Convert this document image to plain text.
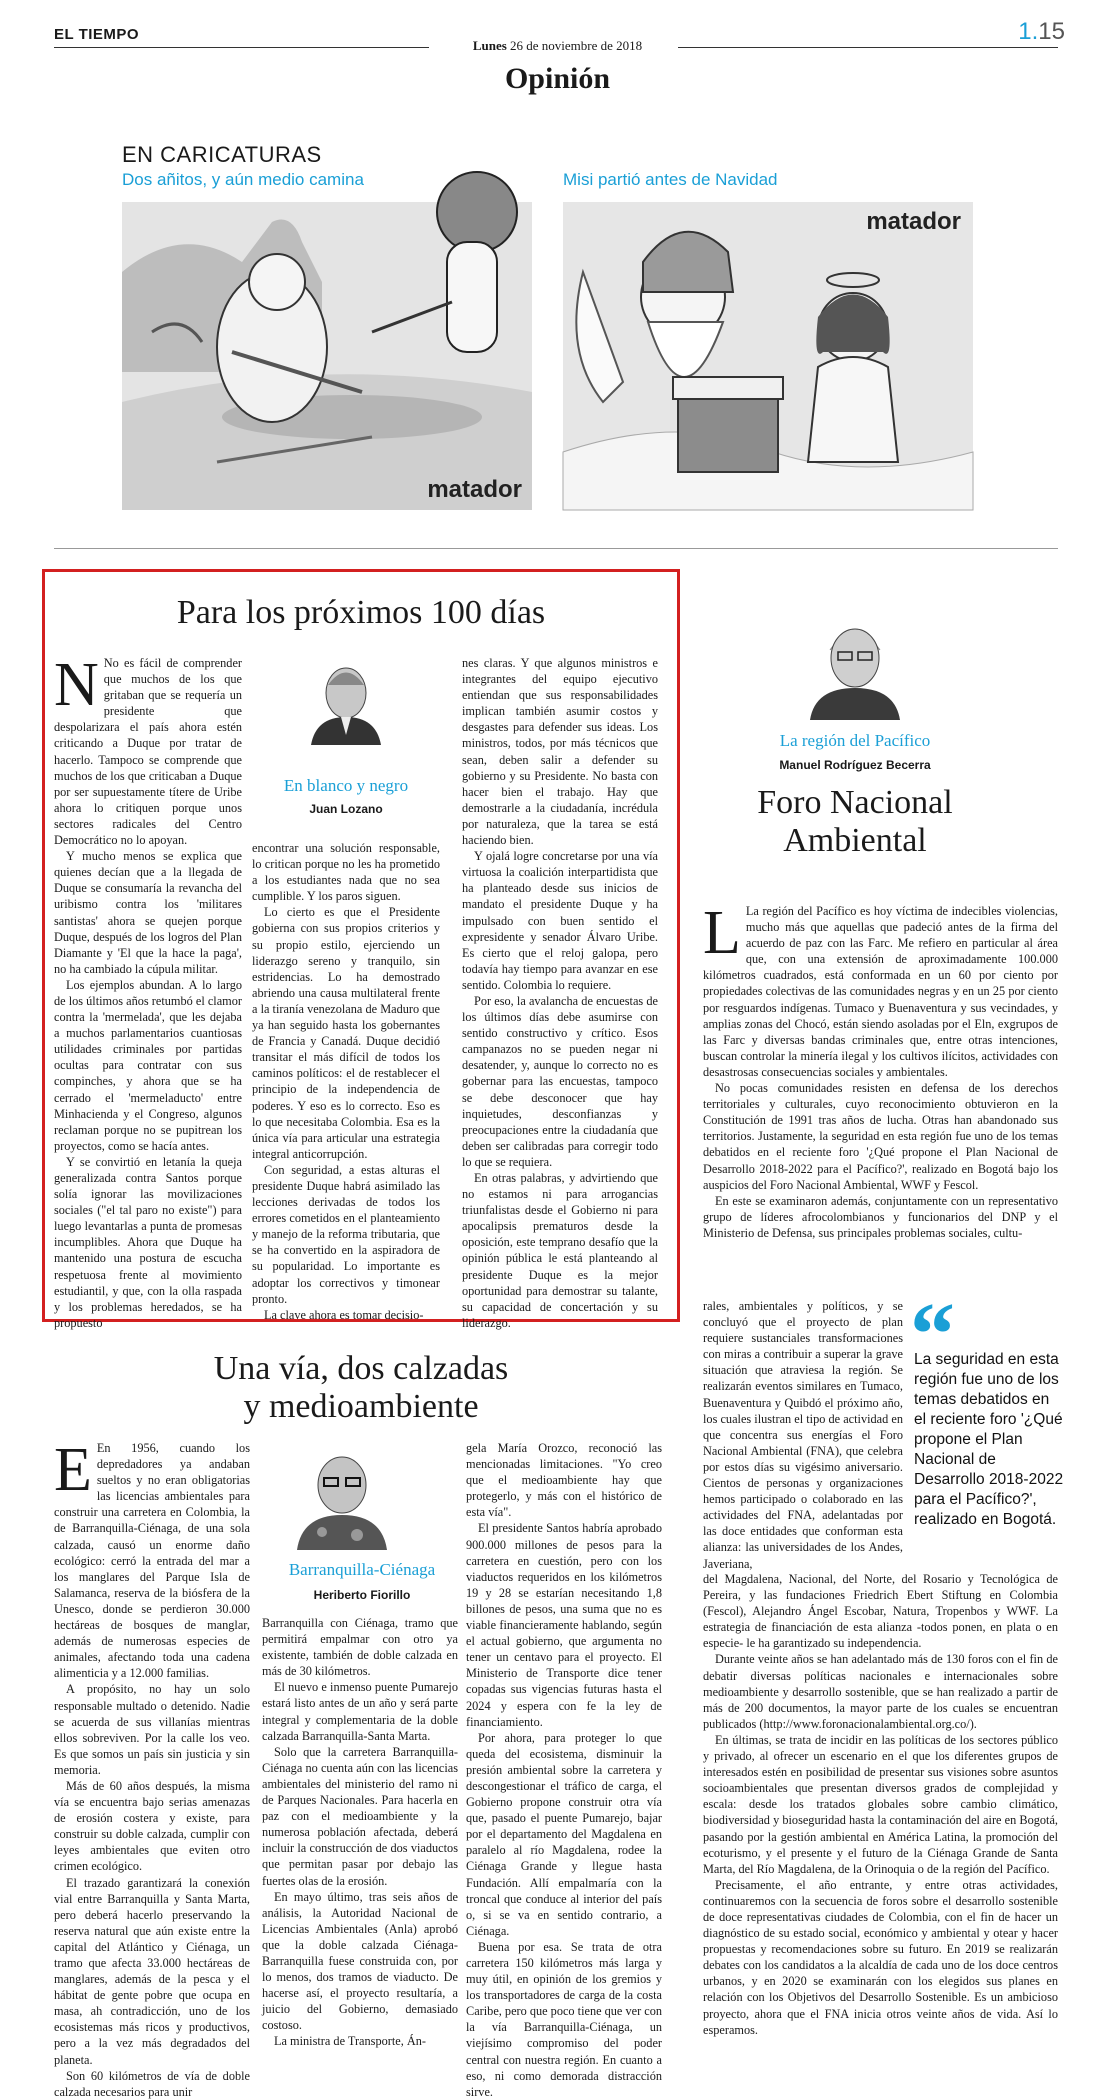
EL TIEMPO
Lunes 26 de noviembre de 2018
1.15
Opinión
EN CARICATURAS
Dos añitos, y aún medio camina	Misi partió antes de Navidad
matador
matador
Para los próximos 100 días

N No es fácil de comprender que muchos de los que gritaban que se requería un presidente que despolarizara el país ahora estén criticando a Duque por tratar de hacerlo. Tampoco se comprende que muchos de los que criticaban a Duque por ser supuestamente títere de Uribe ahora lo critiquen porque unos sectores radicales del Centro Democrático no lo apoyan.

Y mucho menos se explica que quienes decían que a la llegada de Duque se consumaría la revancha del uribismo contra los 'militares santistas' ahora se quejen porque Duque, después de los logros del Plan Diamante y 'El que la hace la paga', no ha cambiado la cúpula militar.

Los ejemplos abundan. A lo largo de los últimos años retumbó el clamor contra la 'mermelada', que les dejaba a muchos parlamentarios cuantiosas utilidades criminales por partidas ocultas para contratar con sus compinches, y ahora que se ha cerrado el 'mermeladucto' entre Minhacienda y el Congreso, algunos reclaman porque no se pupitrean los proyectos, como se hacía antes.

Y se convirtió en letanía la queja generalizada contra Santos porque solía ignorar las movilizaciones sociales ("el tal paro no existe") para luego levantarlas a punta de promesas incumplibles. Ahora que Duque ha mantenido una postura de escucha respetuosa frente al movimiento estudiantil, y que, con la olla raspada y los problemas heredados, se ha propuesto

En blanco y negro
Juan Lozano

encontrar una solución responsable, lo critican porque no les ha prometido a los estudiantes nada que no sea cumplible. Y los paros siguen.

Lo cierto es que el Presidente gobierna con sus propios criterios y su propio estilo, ejerciendo un liderazgo sereno y tranquilo, sin estridencias. Lo ha demostrado abriendo una causa multilateral frente a la tiranía venezolana de Maduro que ya han seguido hasta los gobernantes de Francia y Canadá. Duque decidió transitar el más difícil de todos los caminos políticos: el de restablecer el principio de la independencia de poderes. Y eso es lo correcto. Eso es lo que necesitaba Colombia. Esa es la única vía para articular una estrategia integral anticorrupción.

Con seguridad, a estas alturas el presidente Duque habrá asimilado las lecciones derivadas de todos los errores cometidos en el planteamiento y manejo de la reforma tributaria, que se ha convertido en la aspiradora de su popularidad. Lo importante es adoptar los correctivos y timonear pronto.

La clave ahora es tomar decisio-

nes claras. Y que algunos ministros e integrantes del equipo ejecutivo entiendan que sus responsabilidades implican también asumir costos y desgastes para defender sus ideas. Los ministros, todos, por más técnicos que sean, deben salir a defender su gobierno y su Presidente. No basta con hacer bien el trabajo. Hay que demostrarle a la ciudadanía, incrédula por naturaleza, que la tarea se está haciendo bien.

Y ojalá logre concretarse por una vía virtuosa la coalición interpartidista que ha planteado desde sus inicios de mandato el presidente Duque y ha impulsado con buen sentido el expresidente y senador Álvaro Uribe. Es cierto que el reloj galopa, pero todavía hay tiempo para avanzar en ese sentido. Colombia lo requiere.

Por eso, la avalancha de encuestas de los últimos días debe asumirse con sentido constructivo y crítico. Esos campanazos no se pueden negar ni desatender, y, aunque lo correcto no es gobernar para las encuestas, tampoco se debe desconocer que hay inquietudes, desconfianzas y preocupaciones entre la ciudadanía que deben ser calibradas para corregir todo lo que se requiera.

En otras palabras, y advirtiendo que no estamos ni para arrogancias triunfalistas desde el Gobierno ni para apocalipsis prematuros desde la oposición, este temprano desafío que la opinión pública le está planteando al presidente Duque es la mejor oportunidad para demostrar su talante, su capacidad de concertación y su liderazgo.

Una vía, dos calzadas
y medioambiente

E En 1956, cuando los depredadores ya andaban sueltos y no eran obligatorias las licencias ambientales para construir una carretera en Colombia, la de Barranquilla-Ciénaga, de una sola calzada, causó un enorme daño ecológico: cerró la entrada del mar a los manglares del Parque Isla de Salamanca, reserva de la biósfera de la Unesco, donde se perdieron 30.000 hectáreas de bosques de manglar, además de numerosas especies de animales, afectando toda una cadena alimenticia y a 12.000 familias.

A propósito, no hay un solo responsable multado o detenido. Nadie se acuerda de sus villanías mientras ellos sobreviven. Por la calle los veo. Es que somos un país sin justicia y sin memoria.

Más de 60 años después, la misma vía se encuentra bajo serias amenazas de erosión costera y existe, para construir su doble calzada, cumplir con leyes ambientales que eviten otro crimen ecológico.

El trazado garantizará la conexión vial entre Barranquilla y Santa Marta, pero deberá hacerlo preservando la reserva natural que aún existe entre la capital del Atlántico y Ciénaga, un tramo que afecta 33.000 hectáreas de manglares, además de la pesca y el hábitat de gente pobre que ocupa en masa, ah contradicción, uno de los ecosistemas más ricos y productivos, pero a la vez más degradados del planeta.

Son 60 kilómetros de vía de doble calzada necesarios para unir

Barranquilla-Ciénaga
Heriberto Fiorillo

Barranquilla con Ciénaga, tramo que permitirá empalmar con otro ya existente, también de doble calzada en más de 30 kilómetros.

El nuevo e inmenso puente Pumarejo estará listo antes de un año y será parte integral y complementaria de la doble calzada Barranquilla-Santa Marta.

Solo que la carretera Barranquilla-Ciénaga no cuenta aún con las licencias ambientales del ministerio del ramo ni de Parques Nacionales. Para hacerla en paz con el medioambiente y la numerosa población afectada, deberá incluir la construcción de dos viaductos que permitan pasar por debajo las fuertes olas de la erosión.

En mayo último, tras seis años de análisis, la Autoridad Nacional de Licencias Ambientales (Anla) aprobó que la doble calzada Ciénaga-Barranquilla fuese construida con, por lo menos, dos tramos de viaducto. De hacerse así, el proyecto resultaría, a juicio del Gobierno, demasiado costoso.

La ministra de Transporte, Án-

gela María Orozco, reconoció las mencionadas limitaciones. "Yo creo que el medioambiente hay que protegerlo, y más con el histórico de esta vía".

El presidente Santos habría aprobado 900.000 millones de pesos para la carretera en cuestión, pero con los viaductos requeridos en los kilómetros 19 y 28 se estarían necesitando 1,8 billones de pesos, una suma que no es viable financieramente hablando, según el actual gobierno, que argumenta no tener un centavo para el proyecto. El Ministerio de Transporte dice tener copadas sus vigencias futuras hasta el 2024 y espera con fe la ley de financiamiento.

Por ahora, para proteger lo que queda del ecosistema, disminuir la presión ambiental sobre la carretera y descongestionar el tráfico de carga, el Gobierno propone construir otra vía que, pasado el puente Pumarejo, bajar por el departamento del Magdalena en paralelo al río Magdalena, rodee la Ciénaga Grande y llegue hasta Fundación. Allí empalmaría con la troncal que conduce al interior del país o, si se va en sentido contrario, a Ciénaga.

Buena por esa. Se trata de otra carretera 150 kilómetros más larga y muy útil, en opinión de los gremios y los transportadores de carga de la costa Caribe, pero que poco tiene que ver con la vía Barranquilla-Ciénaga, un viejísimo compromiso del poder central con nuestra región. En cuanto a eso, ni como demorada distracción sirve.

La región del Pacífico
Manuel Rodríguez Becerra
Foro Nacional
Ambiental

L La región del Pacífico es hoy víctima de indecibles violencias, mucho más que aquellas que padeció antes de la firma del acuerdo de paz con las Farc. Me refiero en particular al área que, con una extensión de aproximadamente 100.000 kilómetros cuadrados, está conformada en un 60 por ciento por propiedades colectivas de las comunidades negras y en un 25 por ciento por resguardos indígenas. Tumaco y Buenaventura y sus vecindades, y amplias zonas del Chocó, están siendo asoladas por el Eln, exgrupos de las Farc y diversas bandas criminales que, entre otras intenciones, buscan controlar la minería ilegal y los cultivos ilícitos, actividades con desastrosas consecuencias sociales y ambientales.

No pocas comunidades resisten en defensa de los derechos territoriales y culturales, cuyo reconocimiento obtuvieron en la Constitución de 1991 tras años de lucha. Otras han abandonado sus territorios. Justamente, la seguridad en esta región fue uno de los temas debatidos en el reciente foro '¿Qué propone el Plan Nacional de Desarrollo 2018-2022 para el Pacífico?', realizado en Bogotá bajo los auspicios del Foro Nacional Ambiental, WWF y Fescol.

En este se examinaron además, conjuntamente con un representativo grupo de líderes afrocolombianos y funcionarios del DNP y el Ministerio de Defensa, sus principales problemas sociales, cultu-

rales, ambientales y políticos, y se concluyó que el proyecto de plan requiere sustanciales transformaciones con miras a contribuir a superar la grave situación que atraviesa la región. Se realizarán eventos similares en Tumaco, Buenaventura y Quibdó el próximo año, los cuales ilustran el tipo de actividad en que concentra sus energías el Foro Nacional Ambiental (FNA), que celebra por estos días su vigésimo aniversario. Cientos de personas y organizaciones hemos participado o colaborado en las actividades del FNA, adelantadas por las doce entidades que conforman esta alianza: las universidades de los Andes, Javeriana,

“
La seguridad en esta región fue uno de los temas debatidos en el reciente foro '¿Qué propone el Plan Nacional de Desarrollo 2018-2022 para el Pacífico?', realizado en Bogotá.

del Magdalena, Nacional, del Norte, del Rosario y Tecnológica de Pereira, y las fundaciones Friedrich Ebert Stiftung en Colombia (Fescol), Alejandro Ángel Escobar, Natura, Tropenbos y WWF. La estrategia de financiación de esta alianza -todos ponen, en plata o en especie- le ha garantizado su independencia.

Durante veinte años se han adelantado más de 130 foros con el fin de debatir diversas políticas nacionales e internacionales sobre medioambiente y desarrollo sostenible, que se han realizado a partir de más de 200 documentos, la mayor parte de los cuales se encuentran publicados (http://www.foronacionalambiental.org.co/).

En últimas, se trata de incidir en las políticas de los sectores público y privado, al ofrecer un escenario en el que los diferentes grupos de interesados estén en posibilidad de presentar sus visiones sobre asuntos socioambientales que presentan diversos grados de complejidad y escala: desde los tratados globales sobre cambio climático, biodiversidad y bioseguridad hasta la contaminación del aire en Bogotá, pasando por la gestión ambiental en América Latina, la promoción del ecoturismo, y el presente y el futuro de la Ciénaga Grande de Santa Marta, del Río Magdalena, de la Orinoquia o de la región del Pacífico.

Precisamente, el año entrante, y entre otras actividades, continuaremos con la secuencia de foros sobre el desarrollo sostenible de doce representativas ciudades de Colombia, con el fin de hacer un diagnóstico de su estado social, económico y ambiental y otear y hacer propuestas y recomendaciones sobre su futuro. En 2019 se realizarán debates con los candidatos a la alcaldía de cada uno de los doce centros urbanos, y en 2020 se examinarán con los elegidos sus planes en relación con los Objetivos del Desarrollo Sostenible. Es un ambicioso proyecto, ahora que el FNA inicia otros veinte años de vida. Así lo esperamos.
